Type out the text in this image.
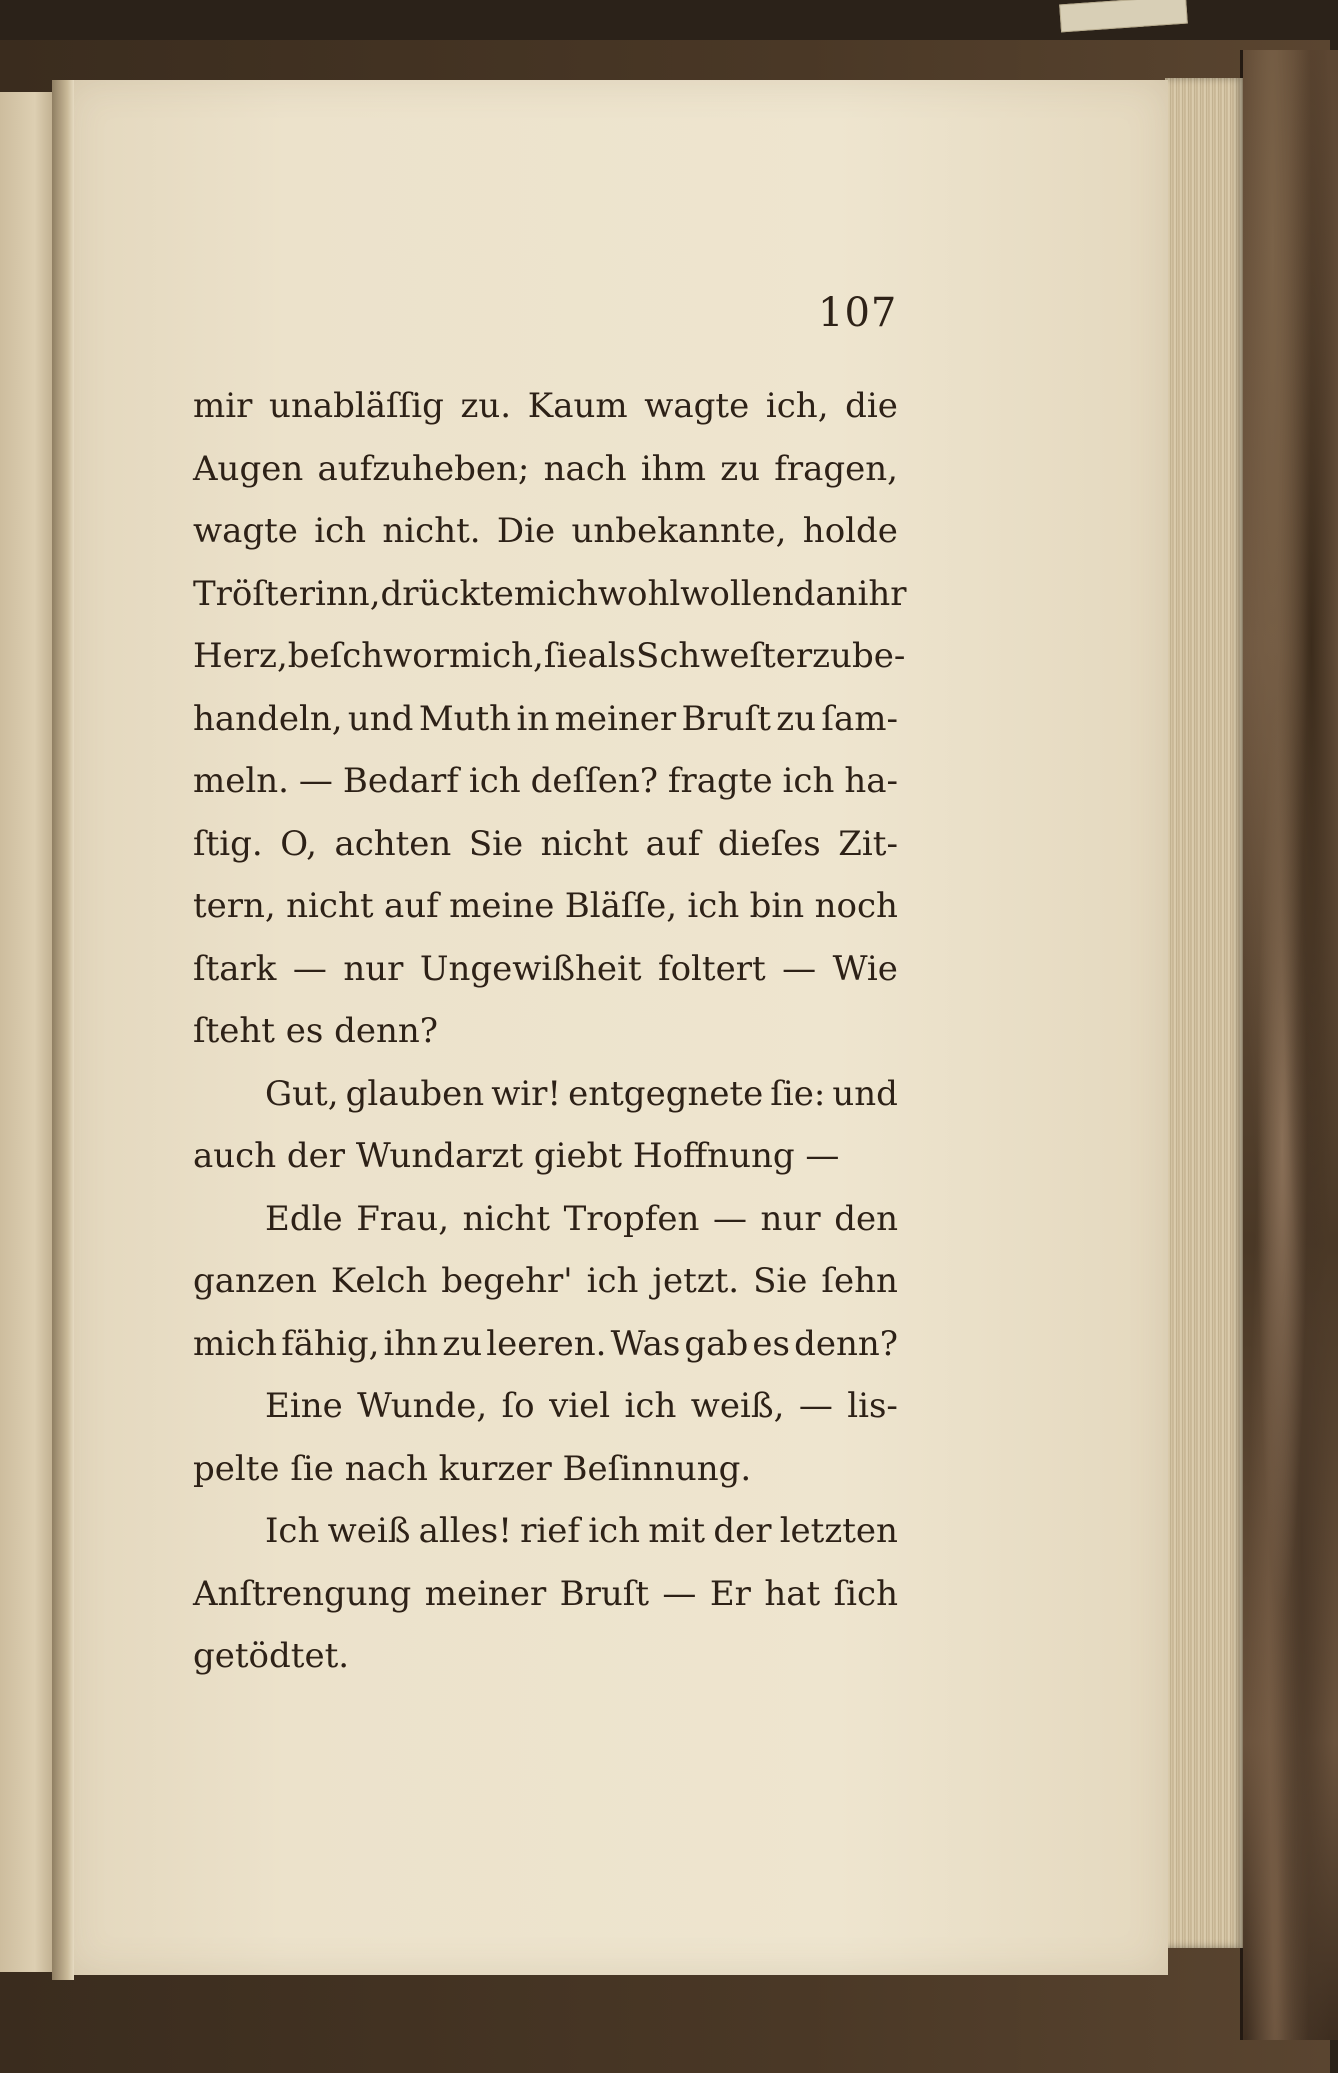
107
mir unabläſſig zu. Kaum wagte ich, die
Augen aufzuheben; nach ihm zu fragen,
wagte ich nicht. Die unbekannte, holde
Tröſterinn, drückte mich wohlwollend an ihr
Herz, beſchwor mich, ſie als Schweſter zu be-
handeln, und Muth in meiner Bruſt zu ſam-
meln. — Bedarf ich deſſen? fragte ich ha-
ſtig. O, achten Sie nicht auf dieſes Zit-
tern, nicht auf meine Bläſſe, ich bin noch
ſtark — nur Ungewißheit foltert — Wie
ſteht es denn?
Gut, glauben wir! entgegnete ſie: und
auch der Wundarzt giebt Hoffnung —
Edle Frau, nicht Tropfen — nur den
ganzen Kelch begehr' ich jetzt. Sie ſehn
mich fähig, ihn zu leeren. Was gab es denn?
Eine Wunde, ſo viel ich weiß, — lis-
pelte ſie nach kurzer Beſinnung.
Ich weiß alles! rief ich mit der letzten
Anſtrengung meiner Bruſt — Er hat ſich
getödtet.
